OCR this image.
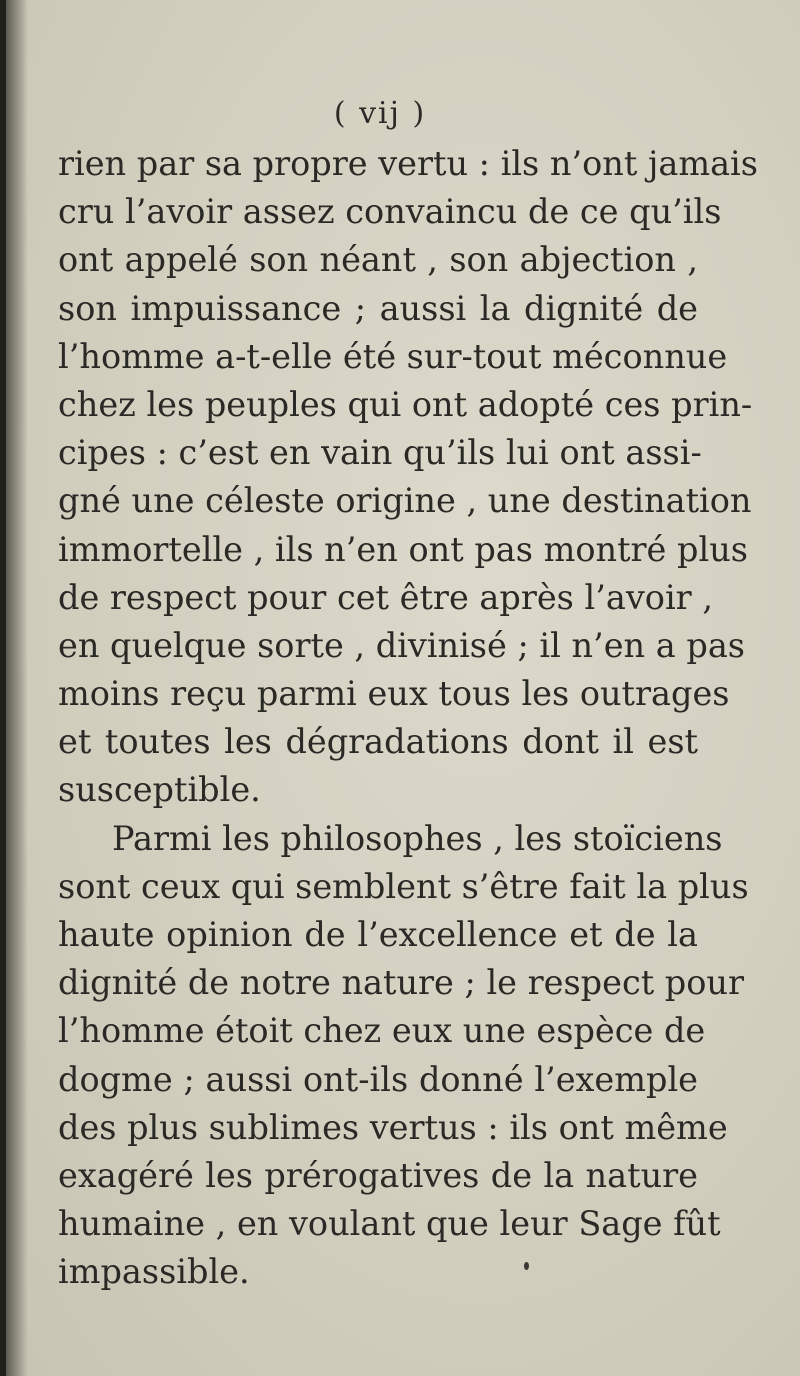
( vij )
rien par sa propre vertu : ils n’ont jamais
cru l’avoir assez convaincu de ce qu’ils
ont appelé son néant , son abjection ,
son impuissance ; aussi la dignité de
l’homme a-t-elle été sur-tout méconnue
chez les peuples qui ont adopté ces prin-
cipes : c’est en vain qu’ils lui ont assi-
gné une céleste origine , une destination
immortelle , ils n’en ont pas montré plus
de respect pour cet être après l’avoir ,
en quelque sorte , divinisé ; il n’en a pas
moins reçu parmi eux tous les outrages
et toutes les dégradations dont il est
susceptible.
Parmi les philosophes , les stoïciens
sont ceux qui semblent s’être fait la plus
haute opinion de l’excellence et de la
dignité de notre nature ; le respect pour
l’homme étoit chez eux une espèce de
dogme ; aussi ont-ils donné l’exemple
des plus sublimes vertus : ils ont même
exagéré les prérogatives de la nature
humaine , en voulant que leur Sage fût
impassible.
